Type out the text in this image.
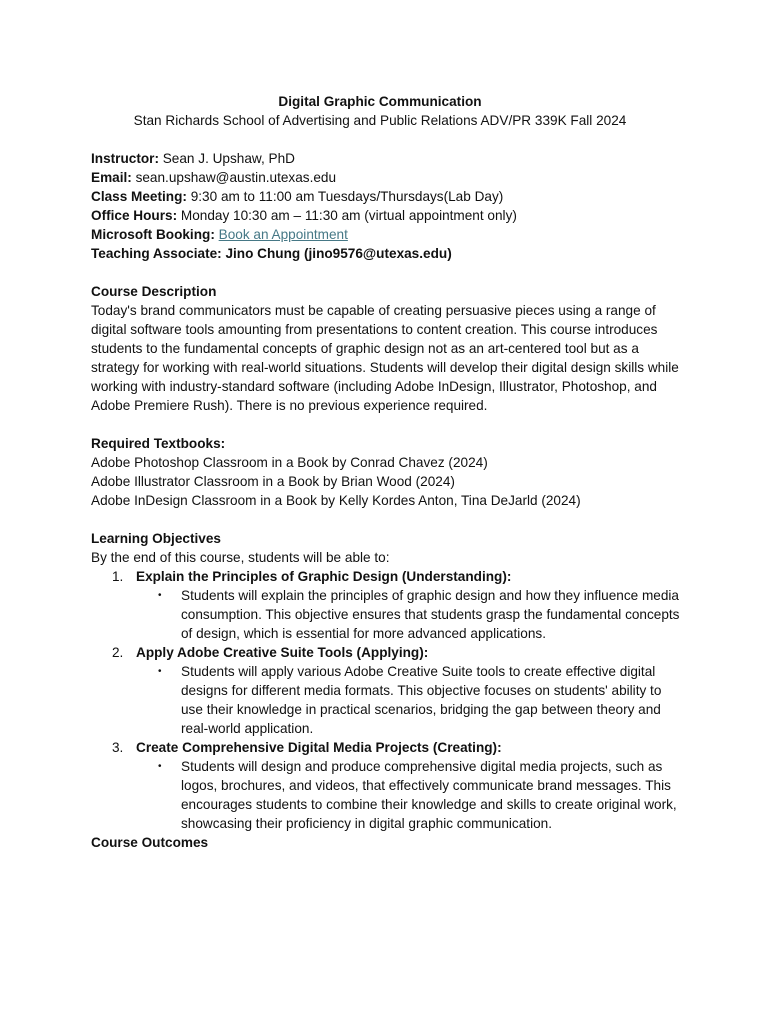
Digital Graphic Communication

Stan Richards School of Advertising and Public Relations ADV/PR 339K Fall 2024

Instructor: Sean J. Upshaw, PhD

Email: sean.upshaw@austin.utexas.edu

Class Meeting: 9:30 am to 11:00 am Tuesdays/Thursdays(Lab Day)

Office Hours: Monday 10:30 am – 11:30 am (virtual appointment only)

Microsoft Booking: Book an Appointment

Teaching Associate: Jino Chung (jino9576@utexas.edu)

Course Description

Today's brand communicators must be capable of creating persuasive pieces using a range of digital software tools amounting from presentations to content creation. This course introduces students to the fundamental concepts of graphic design not as an art-centered tool but as a strategy for working with real-world situations. Students will develop their digital design skills while working with industry-standard software (including Adobe InDesign, Illustrator, Photoshop, and Adobe Premiere Rush). There is no previous experience required.

Required Textbooks:

Adobe Photoshop Classroom in a Book by Conrad Chavez (2024)

Adobe Illustrator Classroom in a Book by Brian Wood (2024)

Adobe InDesign Classroom in a Book by Kelly Kordes Anton, Tina DeJarld (2024)

Learning Objectives

By the end of this course, students will be able to:

1. Explain the Principles of Graphic Design (Understanding):
• Students will explain the principles of graphic design and how they influence media consumption. This objective ensures that students grasp the fundamental concepts of design, which is essential for more advanced applications.
2. Apply Adobe Creative Suite Tools (Applying):
• Students will apply various Adobe Creative Suite tools to create effective digital designs for different media formats. This objective focuses on students' ability to use their knowledge in practical scenarios, bridging the gap between theory and real-world application.
3. Create Comprehensive Digital Media Projects (Creating):
• Students will design and produce comprehensive digital media projects, such as logos, brochures, and videos, that effectively communicate brand messages. This encourages students to combine their knowledge and skills to create original work, showcasing their proficiency in digital graphic communication.

Course Outcomes
